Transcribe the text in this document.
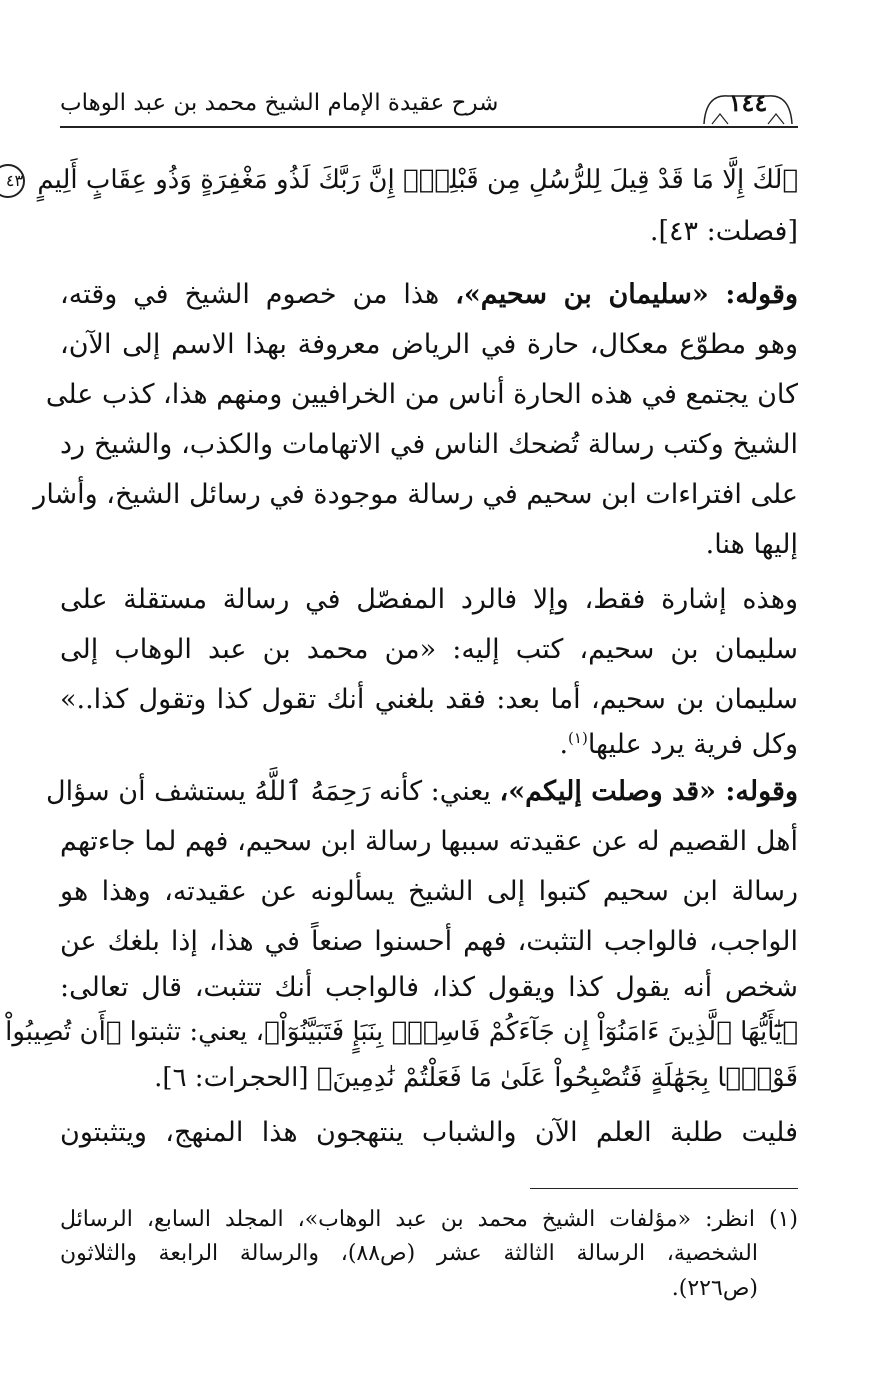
شرح عقيدة الإمام الشيخ محمد بن عبد الوهاب	١٤٤
﴿لَكَ إِلَّا مَا قَدْ قِيلَ لِلرُّسُلِ مِن قَبْلِكَۚ إِنَّ رَبَّكَ لَذُو مَغْفِرَةٍ وَذُو عِقَابٍ أَلِيمٍ ٤٣
[فصلت: ٤٣].
وقوله: «سليمان بن سحيم»، هذا من خصوم الشيخ في وقته،
وهو مطوّع معكال، حارة في الرياض معروفة بهذا الاسم إلى الآن،
كان يجتمع في هذه الحارة أناس من الخرافيين ومنهم هذا، كذب على
الشيخ وكتب رسالة تُضحك الناس في الاتهامات والكذب، والشيخ رد
على افتراءات ابن سحيم في رسالة موجودة في رسائل الشيخ، وأشار
إليها هنا.
وهذه إشارة فقط، وإلا فالرد المفصّل في رسالة مستقلة على
سليمان بن سحيم، كتب إليه: «من محمد بن عبد الوهاب إلى
سليمان بن سحيم، أما بعد: فقد بلغني أنك تقول كذا وتقول كذا..»
وكل فرية يرد عليها$^{(١)}$.
وقوله: «قد وصلت إليكم»، يعني: كأنه رَحِمَهُ ٱللَّهُ يستشف أن سؤال
أهل القصيم له عن عقيدته سببها رسالة ابن سحيم، فهم لما جاءتهم
رسالة ابن سحيم كتبوا إلى الشيخ يسألونه عن عقيدته، وهذا هو
الواجب، فالواجب التثبت، فهم أحسنوا صنعاً في هذا، إذا بلغك عن
شخص أنه يقول كذا ويقول كذا، فالواجب أنك تتثبت، قال تعالى:
﴿يَٰٓأَيُّهَا ٱلَّذِينَ ءَامَنُوٓاْ إِن جَآءَكُمْ فَاسِقُۢ بِنَبَإٍ فَتَبَيَّنُوٓاْ﴾، يعني: تثبتوا ﴿أَن تُصِيبُواْ
قَوْمًۢا بِجَهَٰلَةٍ فَتُصْبِحُواْ عَلَىٰ مَا فَعَلْتُمْ نَٰدِمِينَ﴾ [الحجرات: ٦].
فليت طلبة العلم الآن والشباب ينتهجون هذا المنهج، ويتثبتون
(١) انظر: «مؤلفات الشيخ محمد بن عبد الوهاب»، المجلد السابع، الرسائل
الشخصية، الرسالة الثالثة عشر (ص٨٨)، والرسالة الرابعة والثلاثون
(ص٢٢٦).
